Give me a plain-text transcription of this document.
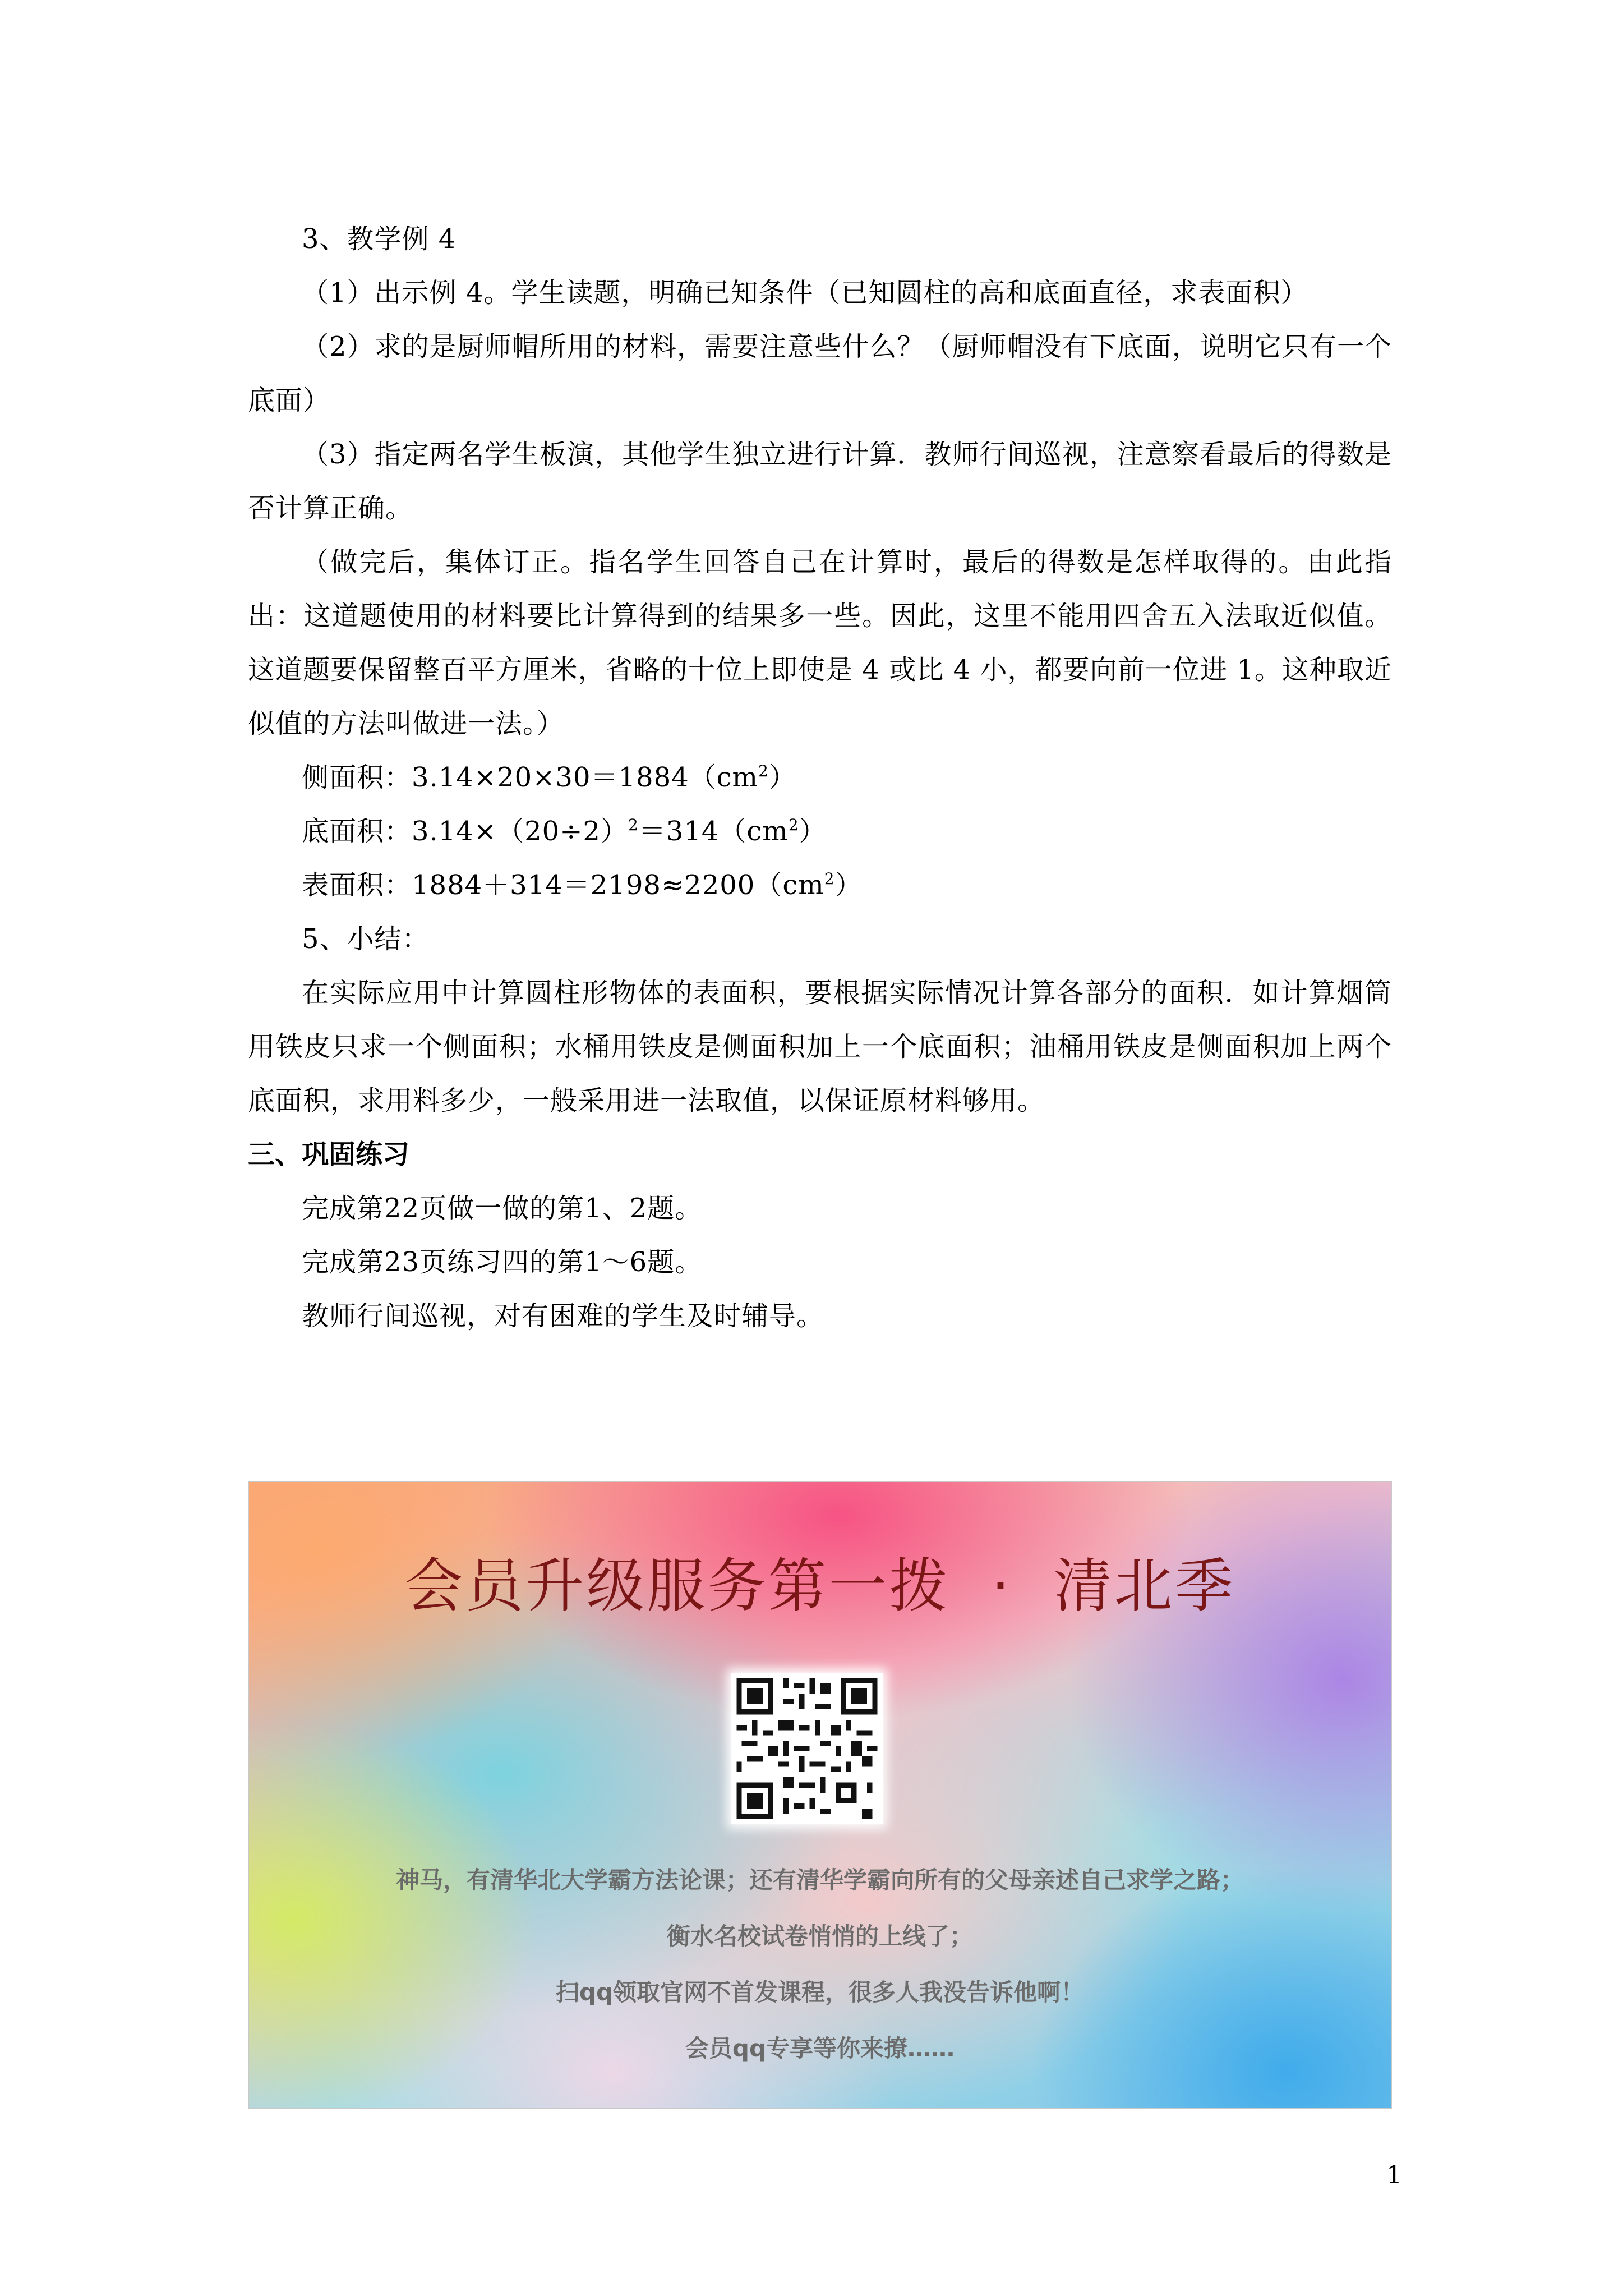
3、教学例 4

（1）出示例 4。学生读题，明确已知条件（已知圆柱的高和底面直径，求表面积）

（2）求的是厨师帽所用的材料，需要注意些什么？（厨师帽没有下底面，说明它只有一个底面）

（3）指定两名学生板演，其他学生独立进行计算．教师行间巡视，注意察看最后的得数是否计算正确。

（做完后，集体订正。指名学生回答自己在计算时，最后的得数是怎样取得的。由此指出：这道题使用的材料要比计算得到的结果多一些。因此，这里不能用四舍五入法取近似值。这道题要保留整百平方厘米，省略的十位上即使是 4 或比 4 小，都要向前一位进 1。这种取近似值的方法叫做进一法。）

侧面积：$3.14\times 20\times 30=1884(cm^2)$

底面积：$3.14\times(20\div 2)^2=314(cm^2)$

表面积：$1884+314=2198\approx 2200(cm^2)$

5、小结：

在实际应用中计算圆柱形物体的表面积，要根据实际情况计算各部分的面积．如计算烟筒用铁皮只求一个侧面积；水桶用铁皮是侧面积加上一个底面积；油桶用铁皮是侧面积加上两个底面积，求用料多少，一般采用进一法取值，以保证原材料够用。

三、巩固练习

完成第22页做一做的第1、2题。

完成第23页练习四的第1～6题。

教师行间巡视，对有困难的学生及时辅导。

会员升级服务第一拨  ·  清北季
神马，有清华北大学霸方法论课；还有清华学霸向所有的父母亲述自己求学之路；
衡水名校试卷悄悄的上线了；
扫qq领取官网不首发课程，很多人我没告诉他啊！
会员qq专享等你来撩……
1
